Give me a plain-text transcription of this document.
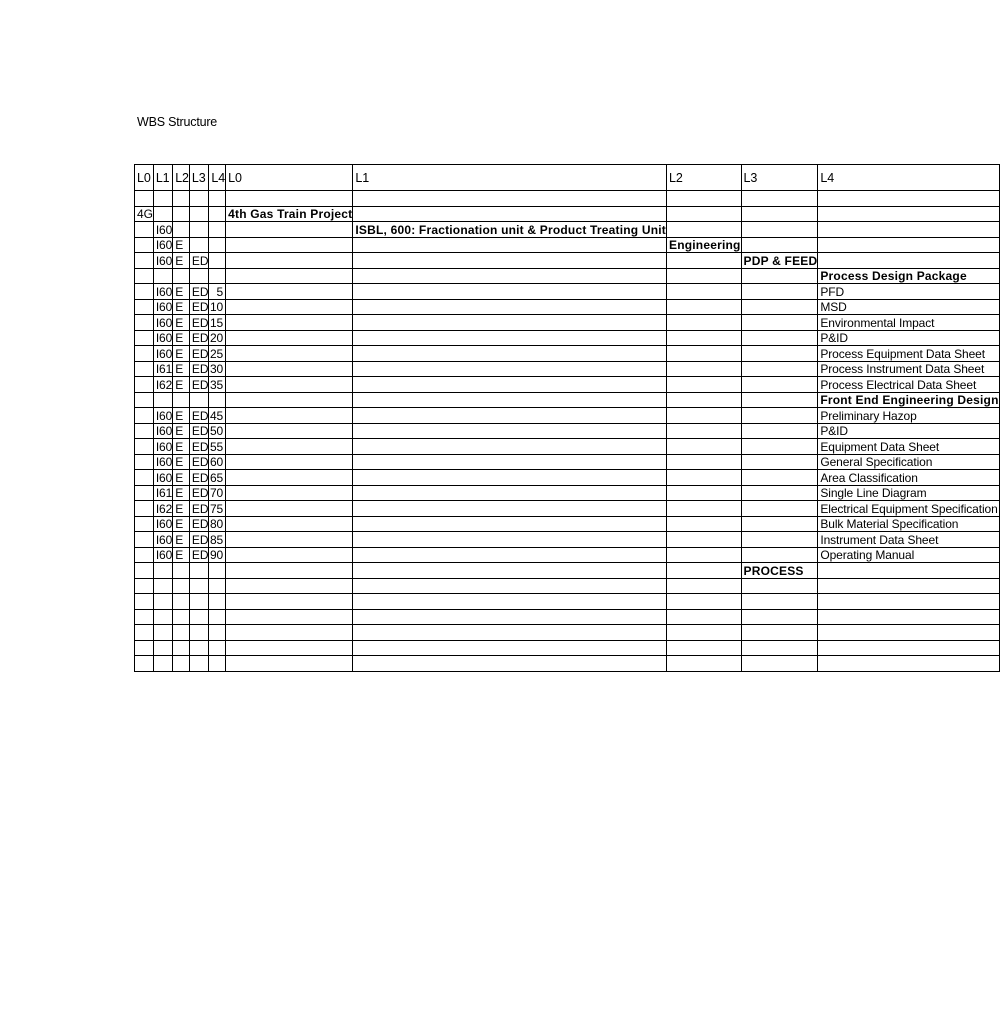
WBS Structure
L0	L1	L2	L3	L4	L0	L1	L2	L3	L4

4G					4th Gas Train Project				
	I60					ISBL, 600: Fractionation unit & Product Treating Unit			
	I60	E					Engineering		
	I60	E	ED					PDP & FEED	
									Process Design Package
	I60	E	ED	5					PFD
	I60	E	ED	10					MSD
	I60	E	ED	15					Environmental Impact
	I60	E	ED	20					P&ID
	I60	E	ED	25					Process Equipment Data Sheet
	I61	E	ED	30					Process Instrument Data Sheet
	I62	E	ED	35					Process Electrical Data Sheet
									Front End Engineering Design
	I60	E	ED	45					Preliminary Hazop
	I60	E	ED	50					P&ID
	I60	E	ED	55					Equipment Data Sheet
	I60	E	ED	60					General Specification
	I60	E	ED	65					Area Classification
	I61	E	ED	70					Single Line Diagram
	I62	E	ED	75					Electrical Equipment Specification
	I60	E	ED	80					Bulk Material Specification
	I60	E	ED	85					Instrument Data Sheet
	I60	E	ED	90					Operating Manual
								PROCESS	
